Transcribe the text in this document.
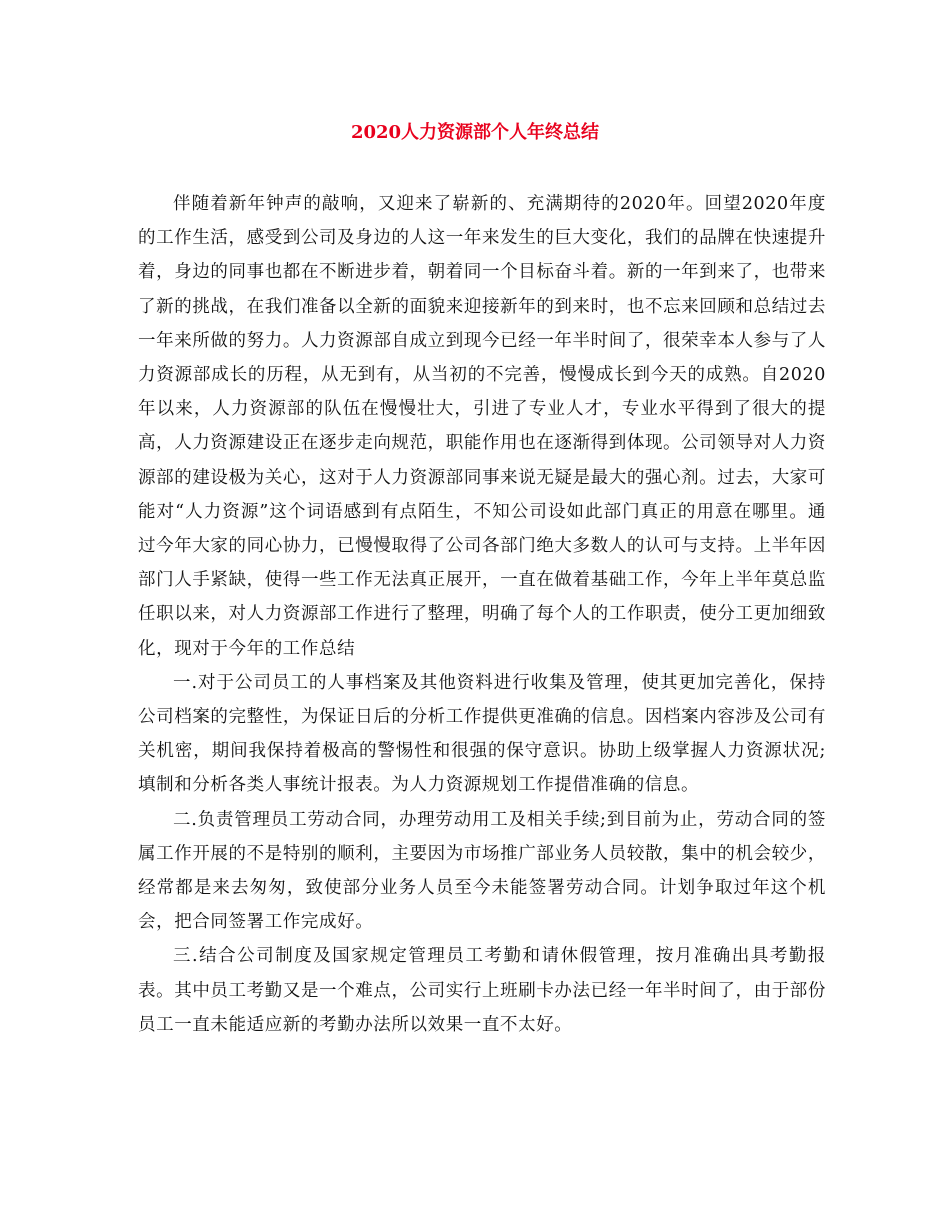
2020人力资源部个人年终总结

伴随着新年钟声的敲响，又迎来了崭新的、充满期待的2020年。回望2020年度的工作生活，感受到公司及身边的人这一年来发生的巨大变化，我们的品牌在快速提升着，身边的同事也都在不断进步着，朝着同一个目标奋斗着。新的一年到来了，也带来了新的挑战，在我们准备以全新的面貌来迎接新年的到来时，也不忘来回顾和总结过去一年来所做的努力。人力资源部自成立到现今已经一年半时间了，很荣幸本人参与了人力资源部成长的历程，从无到有，从当初的不完善，慢慢成长到今天的成熟。自2020年以来，人力资源部的队伍在慢慢壮大，引进了专业人才，专业水平得到了很大的提高，人力资源建设正在逐步走向规范，职能作用也在逐渐得到体现。公司领导对人力资源部的建设极为关心，这对于人力资源部同事来说无疑是最大的强心剂。过去，大家可能对“人力资源”这个词语感到有点陌生，不知公司设如此部门真正的用意在哪里。通过今年大家的同心协力，已慢慢取得了公司各部门绝大多数人的认可与支持。上半年因部门人手紧缺，使得一些工作无法真正展开，一直在做着基础工作，今年上半年莫总监任职以来，对人力资源部工作进行了整理，明确了每个人的工作职责，使分工更加细致化，现对于今年的工作总结

一.对于公司员工的人事档案及其他资料进行收集及管理，使其更加完善化，保持公司档案的完整性，为保证日后的分析工作提供更准确的信息。因档案内容涉及公司有关机密，期间我保持着极高的警惕性和很强的保守意识。协助上级掌握人力资源状况;填制和分析各类人事统计报表。为人力资源规划工作提借准确的信息。

二.负责管理员工劳动合同，办理劳动用工及相关手续;到目前为止，劳动合同的签属工作开展的不是特别的顺利，主要因为市场推广部业务人员较散，集中的机会较少，经常都是来去匆匆，致使部分业务人员至今未能签署劳动合同。计划争取过年这个机会，把合同签署工作完成好。

三.结合公司制度及国家规定管理员工考勤和请休假管理，按月准确出具考勤报表。其中员工考勤又是一个难点，公司实行上班刷卡办法已经一年半时间了，由于部份员工一直未能适应新的考勤办法所以效果一直不太好。
